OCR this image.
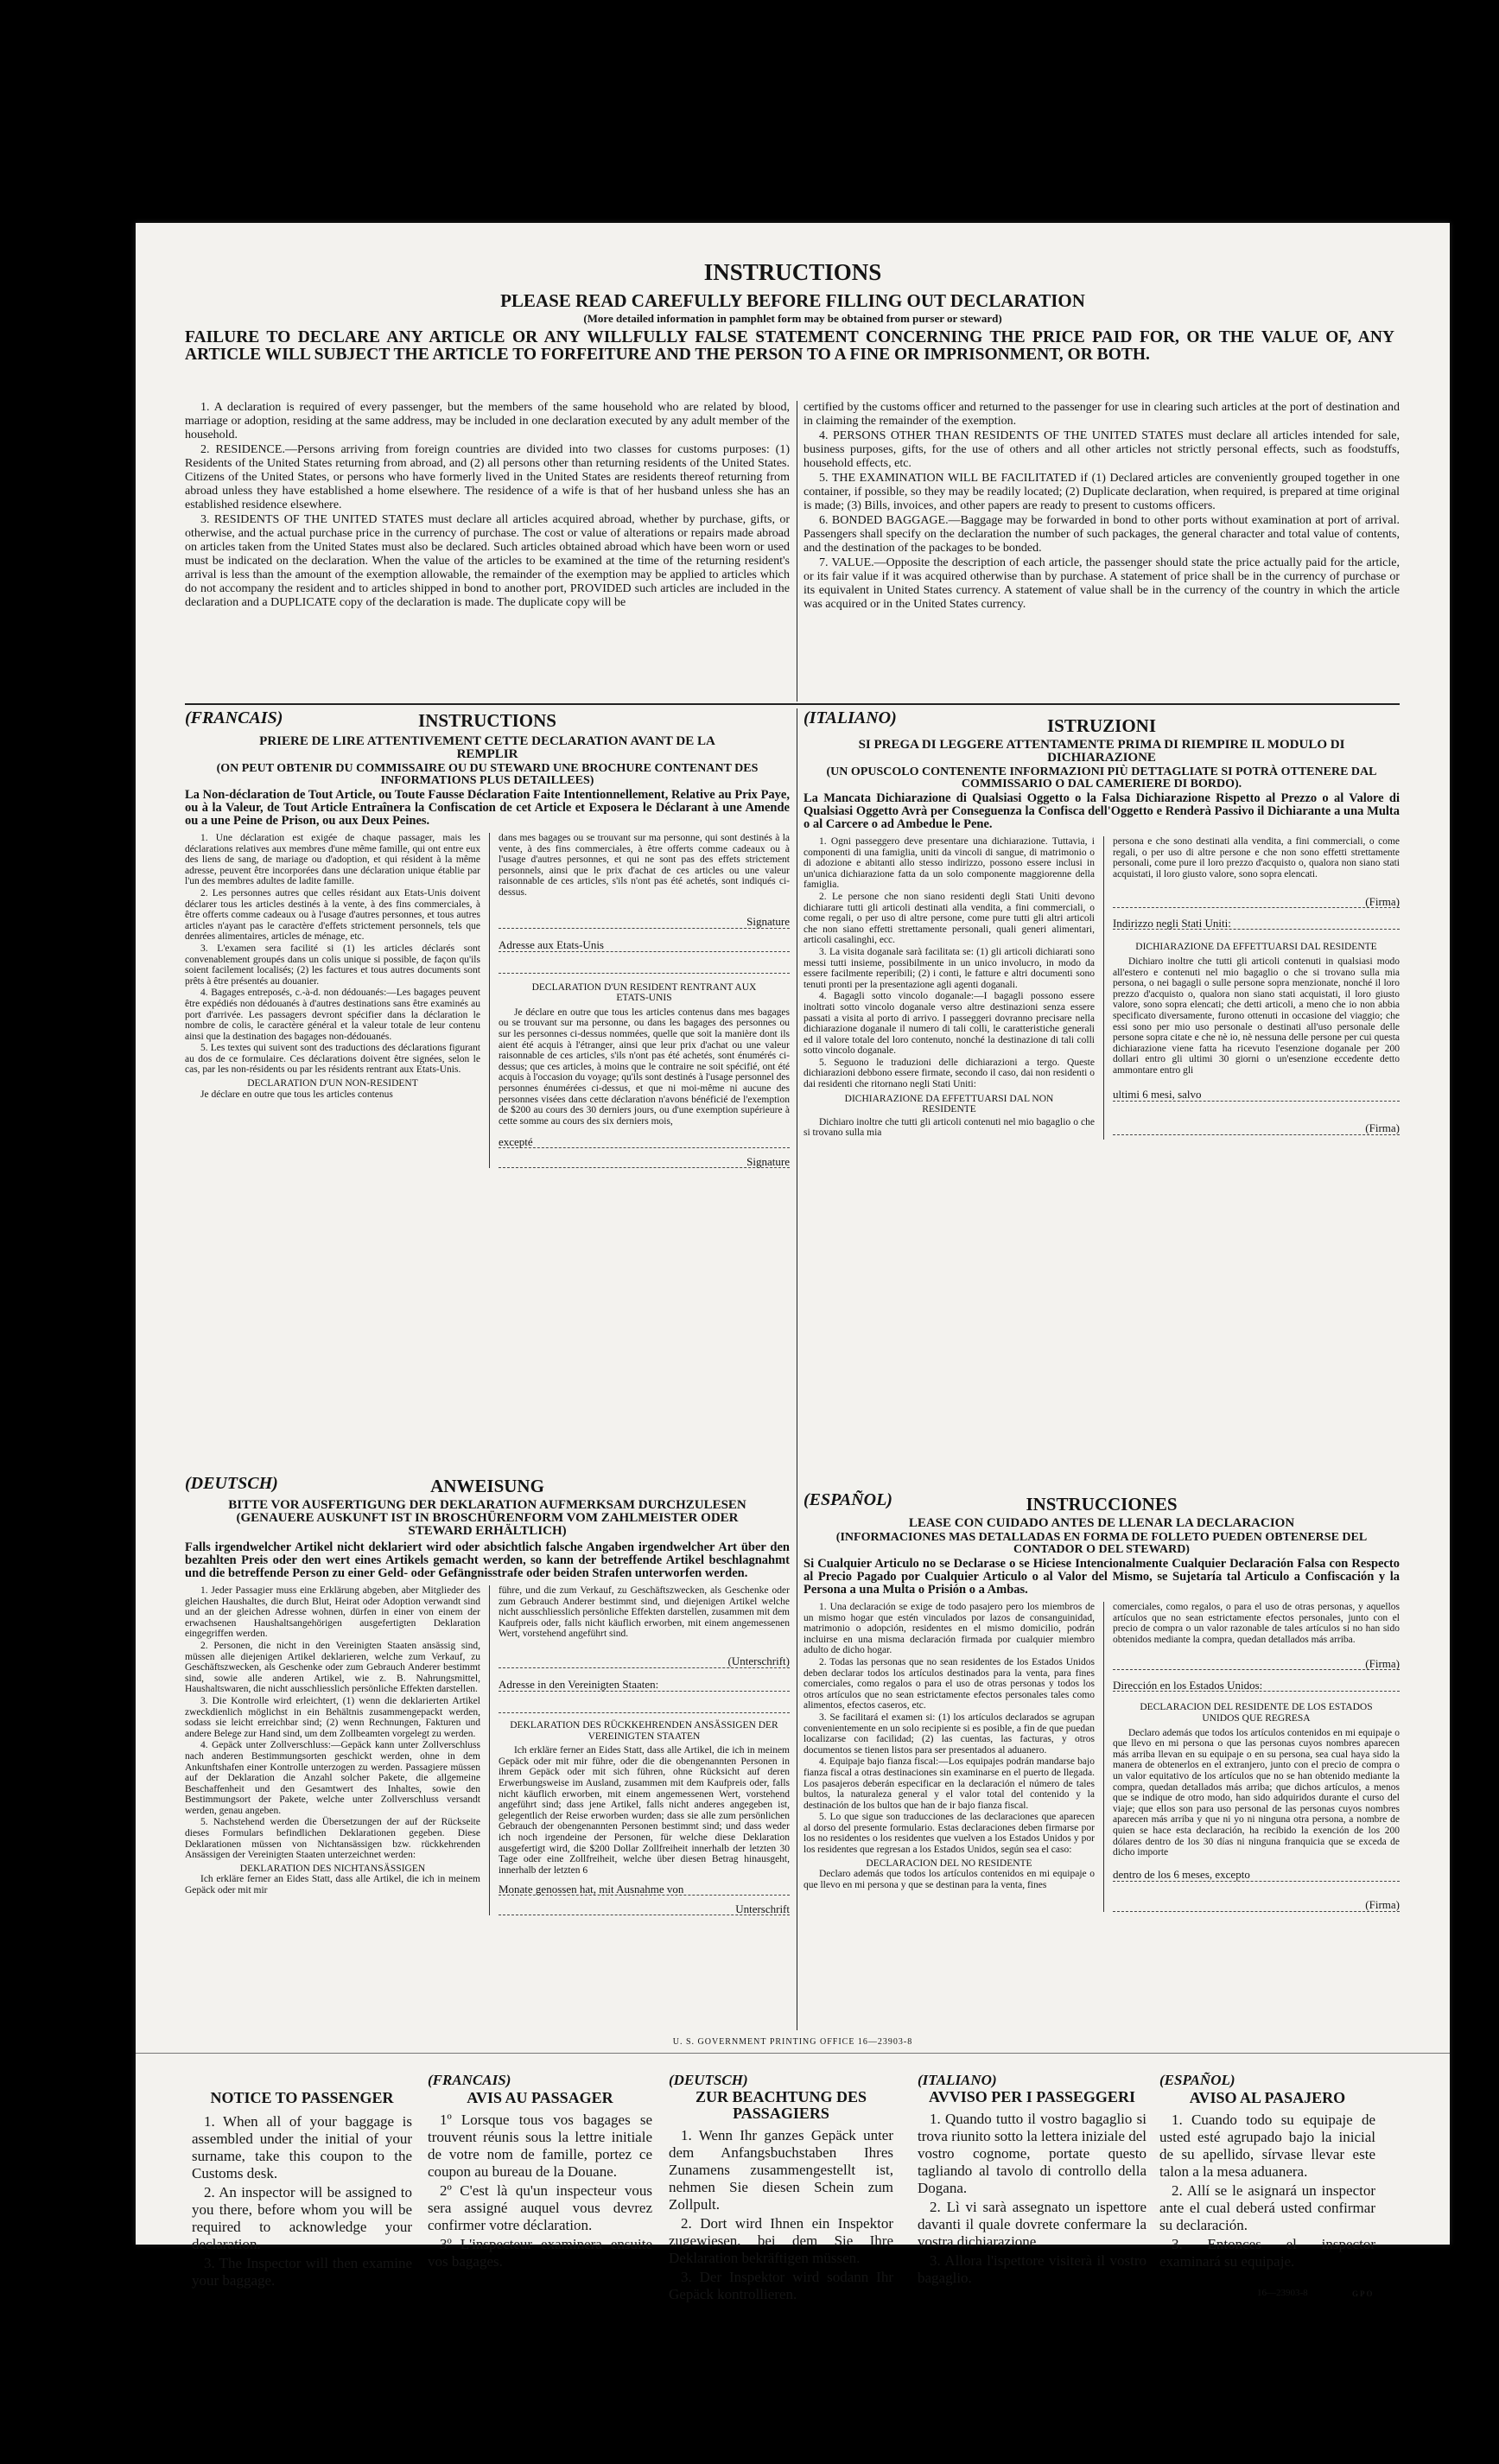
INSTRUCTIONS
PLEASE READ CAREFULLY BEFORE FILLING OUT DECLARATION
(More detailed information in pamphlet form may be obtained from purser or steward)
FAILURE TO DECLARE ANY ARTICLE OR ANY WILLFULLY FALSE STATEMENT CONCERNING THE PRICE PAID FOR, OR THE VALUE OF, ANY ARTICLE WILL SUBJECT THE ARTICLE TO FORFEITURE AND THE PERSON TO A FINE OR IMPRISONMENT, OR BOTH.

1. A declaration is required of every passenger, but the members of the same household who are related by blood, marriage or adoption, residing at the same address, may be included in one declaration executed by any adult member of the household.

2. RESIDENCE.—Persons arriving from foreign countries are divided into two classes for customs purposes: (1) Residents of the United States returning from abroad, and (2) all persons other than returning residents of the United States. Citizens of the United States, or persons who have formerly lived in the United States are residents thereof returning from abroad unless they have established a home elsewhere. The residence of a wife is that of her husband unless she has an established residence elsewhere.

3. RESIDENTS OF THE UNITED STATES must declare all articles acquired abroad, whether by purchase, gifts, or otherwise, and the actual purchase price in the currency of purchase. The cost or value of alterations or repairs made abroad on articles taken from the United States must also be declared. Such articles obtained abroad which have been worn or used must be indicated on the declaration. When the value of the articles to be examined at the time of the returning resident's arrival is less than the amount of the exemption allowable, the remainder of the exemption may be applied to articles which do not accompany the resident and to articles shipped in bond to another port, PROVIDED such articles are included in the declaration and a DUPLICATE copy of the declaration is made. The duplicate copy will be

certified by the customs officer and returned to the passenger for use in clearing such articles at the port of destination and in claiming the remainder of the exemption.

4. PERSONS OTHER THAN RESIDENTS OF THE UNITED STATES must declare all articles intended for sale, business purposes, gifts, for the use of others and all other articles not strictly personal effects, such as foodstuffs, household effects, etc.

5. THE EXAMINATION WILL BE FACILITATED if (1) Declared articles are conveniently grouped together in one container, if possible, so they may be readily located; (2) Duplicate declaration, when required, is prepared at time original is made; (3) Bills, invoices, and other papers are ready to present to customs officers.

6. BONDED BAGGAGE.—Baggage may be forwarded in bond to other ports without examination at port of arrival. Passengers shall specify on the declaration the number of such packages, the general character and total value of contents, and the destination of the packages to be bonded.

7. VALUE.—Opposite the description of each article, the passenger should state the price actually paid for the article, or its fair value if it was acquired otherwise than by purchase. A statement of price shall be in the currency of purchase or its equivalent in United States currency. A statement of value shall be in the currency of the country in which the article was acquired or in the United States currency.

(FRANCAIS)	INSTRUCTIONS
PRIERE DE LIRE ATTENTIVEMENT CETTE DECLARATION AVANT DE LA REMPLIR
(ON PEUT OBTENIR DU COMMISSAIRE OU DU STEWARD UNE BROCHURE CONTENANT DES INFORMATIONS PLUS DETAILLEES)
La Non-déclaration de Tout Article, ou Toute Fausse Déclaration Faite Intentionnellement, Relative au Prix Paye, ou à la Valeur, de Tout Article Entraînera la Confiscation de cet Article et Exposera le Déclarant à une Amende ou a une Peine de Prison, ou aux Deux Peines.

1. Une déclaration est exigée de chaque passager, mais les déclarations relatives aux membres d'une même famille, qui ont entre eux des liens de sang, de mariage ou d'adoption, et qui résident à la même adresse, peuvent être incorporées dans une déclaration unique établie par l'un des membres adultes de ladite famille.

2. Les personnes autres que celles résidant aux Etats-Unis doivent déclarer tous les articles destinés à la vente, à des fins commerciales, à être offerts comme cadeaux ou à l'usage d'autres personnes, et tous autres articles n'ayant pas le caractère d'effets strictement personnels, tels que denrées alimentaires, articles de ménage, etc.

3. L'examen sera facilité si (1) les articles déclarés sont convenablement groupés dans un colis unique si possible, de façon qu'ils soient facilement localisés; (2) les factures et tous autres documents sont prêts à être présentés au douanier.

4. Bagages entreposés, c.-à-d. non dédouanés:—Les bagages peuvent être expédiés non dédouanés à d'autres destinations sans être examinés au port d'arrivée. Les passagers devront spécifier dans la déclaration le nombre de colis, le caractère général et la valeur totale de leur contenu ainsi que la destination des bagages non-dédouanés.

5. Les textes qui suivent sont des traductions des déclarations figurant au dos de ce formulaire. Ces déclarations doivent être signées, selon le cas, par les non-résidents ou par les résidents rentrant aux Etats-Unis.

DECLARATION D'UN NON-RESIDENT

Je déclare en outre que tous les articles contenus

dans mes bagages ou se trouvant sur ma personne, qui sont destinés à la vente, à des fins commerciales, à être offerts comme cadeaux ou à l'usage d'autres personnes, et qui ne sont pas des effets strictement personnels, ainsi que le prix d'achat de ces articles ou une valeur raisonnable de ces articles, s'ils n'ont pas été achetés, sont indiqués ci-dessus.

Signature
Adresse aux Etats-Unis
DECLARATION D'UN RESIDENT RENTRANT AUX ETATS-UNIS

Je déclare en outre que tous les articles contenus dans mes bagages ou se trouvant sur ma personne, ou dans les bagages des personnes ou sur les personnes ci-dessus nommées, quelle que soit la manière dont ils aient été acquis à l'étranger, ainsi que leur prix d'achat ou une valeur raisonnable de ces articles, s'ils n'ont pas été achetés, sont énumérés ci-dessus; que ces articles, à moins que le contraire ne soit spécifié, ont été acquis à l'occasion du voyage; qu'ils sont destinés à l'usage personnel des personnes énumérées ci-dessus, et que ni moi-même ni aucune des personnes visées dans cette déclaration n'avons bénéficié de l'exemption de $200 au cours des 30 derniers jours, ou d'une exemption supérieure à cette somme au cours des six derniers mois,

excepté
Signature
(DEUTSCH)	ANWEISUNG
BITTE VOR AUSFERTIGUNG DER DEKLARATION AUFMERKSAM DURCHZULESEN (GENAUERE AUSKUNFT IST IN BROSCHÜRENFORM VOM ZAHLMEISTER ODER STEWARD ERHÄLTLICH)
Falls irgendwelcher Artikel nicht deklariert wird oder absichtlich falsche Angaben irgendwelcher Art über den bezahlten Preis oder den wert eines Artikels gemacht werden, so kann der betreffende Artikel beschlagnahmt und die betreffende Person zu einer Geld- oder Gefängnisstrafe oder beiden Strafen unterworfen werden.

1. Jeder Passagier muss eine Erklärung abgeben, aber Mitglieder des gleichen Haushaltes, die durch Blut, Heirat oder Adoption verwandt sind und an der gleichen Adresse wohnen, dürfen in einer von einem der erwachsenen Haushaltsangehörigen ausgefertigten Deklaration eingegriffen werden.

2. Personen, die nicht in den Vereinigten Staaten ansässig sind, müssen alle diejenigen Artikel deklarieren, welche zum Verkauf, zu Geschäftszwecken, als Geschenke oder zum Gebrauch Anderer bestimmt sind, sowie alle anderen Artikel, wie z. B. Nahrungsmittel, Haushaltswaren, die nicht ausschliesslich persönliche Effekten darstellen.

3. Die Kontrolle wird erleichtert, (1) wenn die deklarierten Artikel zweckdienlich möglichst in ein Behältnis zusammengepackt werden, sodass sie leicht erreichbar sind; (2) wenn Rechnungen, Fakturen und andere Belege zur Hand sind, um dem Zollbeamten vorgelegt zu werden.

4. Gepäck unter Zollverschluss:—Gepäck kann unter Zollverschluss nach anderen Bestimmungsorten geschickt werden, ohne in dem Ankunftshafen einer Kontrolle unterzogen zu werden. Passagiere müssen auf der Deklaration die Anzahl solcher Pakete, die allgemeine Beschaffenheit und den Gesamtwert des Inhaltes, sowie den Bestimmungsort der Pakete, welche unter Zollverschluss versandt werden, genau angeben.

5. Nachstehend werden die Übersetzungen der auf der Rückseite dieses Formulars befindlichen Deklarationen gegeben. Diese Deklarationen müssen von Nichtansässigen bzw. rückkehrenden Ansässigen der Vereinigten Staaten unterzeichnet werden:

DEKLARATION DES NICHTANSÄSSIGEN

Ich erkläre ferner an Eides Statt, dass alle Artikel, die ich in meinem Gepäck oder mit mir

führe, und die zum Verkauf, zu Geschäftszwecken, als Geschenke oder zum Gebrauch Anderer bestimmt sind, und diejenigen Artikel welche nicht ausschliesslich persönliche Effekten darstellen, zusammen mit dem Kaufpreis oder, falls nicht käuflich erworben, mit einem angemessenen Wert, vorstehend angeführt sind.

(Unterschrift)
Adresse in den Vereinigten Staaten:
DEKLARATION DES RÜCKKEHRENDEN ANSÄSSIGEN DER VEREINIGTEN STAATEN

Ich erkläre ferner an Eides Statt, dass alle Artikel, die ich in meinem Gepäck oder mit mir führe, oder die die obengenannten Personen in ihrem Gepäck oder mit sich führen, ohne Rücksicht auf deren Erwerbungsweise im Ausland, zusammen mit dem Kaufpreis oder, falls nicht käuflich erworben, mit einem angemessenen Wert, vorstehend angeführt sind; dass jene Artikel, falls nicht anderes angegeben ist, gelegentlich der Reise erworben wurden; dass sie alle zum persönlichen Gebrauch der obengenannten Personen bestimmt sind; und dass weder ich noch irgendeine der Personen, für welche diese Deklaration ausgefertigt wird, die $200 Dollar Zollfreiheit innerhalb der letzten 30 Tage oder eine Zollfreiheit, welche über diesen Betrag hinausgeht, innerhalb der letzten 6

Monate genossen hat, mit Ausnahme von
Unterschrift
(ITALIANO)	ISTRUZIONI
SI PREGA DI LEGGERE ATTENTAMENTE PRIMA DI RIEMPIRE IL MODULO DI DICHIARAZIONE
(UN OPUSCOLO CONTENENTE INFORMAZIONI PIÙ DETTAGLIATE SI POTRÀ OTTENERE DAL COMMISSARIO O DAL CAMERIERE DI BORDO).
La Mancata Dichiarazione di Qualsiasi Oggetto o la Falsa Dichiarazione Rispetto al Prezzo o al Valore di Qualsiasi Oggetto Avrà per Conseguenza la Confisca dell'Oggetto e Renderà Passivo il Dichiarante a una Multa o al Carcere o ad Ambedue le Pene.

1. Ogni passeggero deve presentare una dichiarazione. Tuttavia, i componenti di una famiglia, uniti da vincoli di sangue, di matrimonio o di adozione e abitanti allo stesso indirizzo, possono essere inclusi in un'unica dichiarazione fatta da un solo componente maggiorenne della famiglia.

2. Le persone che non siano residenti degli Stati Uniti devono dichiarare tutti gli articoli destinati alla vendita, a fini commerciali, o come regali, o per uso di altre persone, come pure tutti gli altri articoli che non siano effetti strettamente personali, quali generi alimentari, articoli casalinghi, ecc.

3. La visita doganale sarà facilitata se: (1) gli articoli dichiarati sono messi tutti insieme, possibilmente in un unico involucro, in modo da essere facilmente reperibili; (2) i conti, le fatture e altri documenti sono tenuti pronti per la presentazione agli agenti doganali.

4. Bagagli sotto vincolo doganale:—I bagagli possono essere inoltrati sotto vincolo doganale verso altre destinazioni senza essere passati a visita al porto di arrivo. I passeggeri dovranno precisare nella dichiarazione doganale il numero di tali colli, le caratteristiche generali ed il valore totale del loro contenuto, nonché la destinazione di tali colli sotto vincolo doganale.

5. Seguono le traduzioni delle dichiarazioni a tergo. Queste dichiarazioni debbono essere firmate, secondo il caso, dai non residenti o dai residenti che ritornano negli Stati Uniti:

DICHIARAZIONE DA EFFETTUARSI DAL NON RESIDENTE

Dichiaro inoltre che tutti gli articoli contenuti nel mio bagaglio o che si trovano sulla mia

persona e che sono destinati alla vendita, a fini commerciali, o come regali, o per uso di altre persone e che non sono effetti strettamente personali, come pure il loro prezzo d'acquisto o, qualora non siano stati acquistati, il loro giusto valore, sono sopra elencati.

(Firma)
Indirizzo negli Stati Uniti:
DICHIARAZIONE DA EFFETTUARSI DAL RESIDENTE

Dichiaro inoltre che tutti gli articoli contenuti in qualsiasi modo all'estero e contenuti nel mio bagaglio o che si trovano sulla mia persona, o nei bagagli o sulle persone sopra menzionate, nonché il loro prezzo d'acquisto o, qualora non siano stati acquistati, il loro giusto valore, sono sopra elencati; che detti articoli, a meno che io non abbia specificato diversamente, furono ottenuti in occasione del viaggio; che essi sono per mio uso personale o destinati all'uso personale delle persone sopra citate e che nè io, nè nessuna delle persone per cui questa dichiarazione viene fatta ha ricevuto l'esenzione doganale per 200 dollari entro gli ultimi 30 giorni o un'esenzione eccedente detto ammontare entro gli

ultimi 6 mesi, salvo
(Firma)
(ESPAÑOL)	INSTRUCCIONES
LEASE CON CUIDADO ANTES DE LLENAR LA DECLARACION
(INFORMACIONES MAS DETALLADAS EN FORMA DE FOLLETO PUEDEN OBTENERSE DEL CONTADOR O DEL STEWARD)
Si Cualquier Articulo no se Declarase o se Hiciese Intencionalmente Cualquier Declaración Falsa con Respecto al Precio Pagado por Cualquier Articulo o al Valor del Mismo, se Sujetaría tal Articulo a Confiscación y la Persona a una Multa o Prisión o a Ambas.

1. Una declaración se exige de todo pasajero pero los miembros de un mismo hogar que estén vinculados por lazos de consanguinidad, matrimonio o adopción, residentes en el mismo domicilio, podrán incluirse en una misma declaración firmada por cualquier miembro adulto de dicho hogar.

2. Todas las personas que no sean residentes de los Estados Unidos deben declarar todos los artículos destinados para la venta, para fines comerciales, como regalos o para el uso de otras personas y todos los otros artículos que no sean estrictamente efectos personales tales como alimentos, efectos caseros, etc.

3. Se facilitará el examen si: (1) los artículos declarados se agrupan convenientemente en un solo recipiente si es posible, a fin de que puedan localizarse con facilidad; (2) las cuentas, las facturas, y otros documentos se tienen listos para ser presentados al aduanero.

4. Equipaje bajo fianza fiscal:—Los equipajes podrán mandarse bajo fianza fiscal a otras destinaciones sin examinarse en el puerto de llegada. Los pasajeros deberán especificar en la declaración el número de tales bultos, la naturaleza general y el valor total del contenido y la destinación de los bultos que han de ir bajo fianza fiscal.

5. Lo que sigue son traducciones de las declaraciones que aparecen al dorso del presente formulario. Estas declaraciones deben firmarse por los no residentes o los residentes que vuelven a los Estados Unidos y por los residentes que regresan a los Estados Unidos, según sea el caso:

DECLARACION DEL NO RESIDENTE

Declaro además que todos los artículos contenidos en mi equipaje o que llevo en mi persona y que se destinan para la venta, fines

comerciales, como regalos, o para el uso de otras personas, y aquellos artículos que no sean estrictamente efectos personales, junto con el precio de compra o un valor razonable de tales artículos si no han sido obtenidos mediante la compra, quedan detallados más arriba.

(Firma)
Dirección en los Estados Unidos:
DECLARACION DEL RESIDENTE DE LOS ESTADOS UNIDOS QUE REGRESA

Declaro además que todos los artículos contenidos en mi equipaje o que llevo en mi persona o que las personas cuyos nombres aparecen más arriba llevan en su equipaje o en su persona, sea cual haya sido la manera de obtenerlos en el extranjero, junto con el precio de compra o un valor equitativo de los artículos que no se han obtenido mediante la compra, quedan detallados más arriba; que dichos artículos, a menos que se indique de otro modo, han sido adquiridos durante el curso del viaje; que ellos son para uso personal de las personas cuyos nombres aparecen más arriba y que ni yo ni ninguna otra persona, a nombre de quien se hace esta declaración, ha recibido la exención de los 200 dólares dentro de los 30 días ni ninguna franquicia que se exceda de dicho importe

dentro de los 6 meses, excepto
(Firma)
U. S. GOVERNMENT PRINTING OFFICE 16—23903-8
NOTICE TO PASSENGER

1. When all of your baggage is assembled under the initial of your surname, take this coupon to the Customs desk.

2. An inspector will be assigned to you there, before whom you will be required to acknowledge your declaration.

3. The Inspector will then examine your baggage.

(FRANCAIS)
AVIS AU PASSAGER

1º Lorsque tous vos bagages se trouvent réunis sous la lettre initiale de votre nom de famille, portez ce coupon au bureau de la Douane.

2º C'est là qu'un inspecteur vous sera assigné auquel vous devrez confirmer votre déclaration.

3º L'inspecteur examinera ensuite vos bagages.

(DEUTSCH)
ZUR BEACHTUNG DES PASSAGIERS

1. Wenn Ihr ganzes Gepäck unter dem Anfangsbuchstaben Ihres Zunamens zusammengestellt ist, nehmen Sie diesen Schein zum Zollpult.

2. Dort wird Ihnen ein Inspektor zugewiesen, bei dem Sie Ihre Deklaration bekräftigen müssen.

3. Der Inspektor wird sodann Ihr Gepäck kontrollieren.

(ITALIANO)
AVVISO PER I PASSEGGERI

1. Quando tutto il vostro bagaglio si trova riunito sotto la lettera iniziale del vostro cognome, portate questo tagliando al tavolo di controllo della Dogana.

2. Lì vi sarà assegnato un ispettore davanti il quale dovrete confermare la vostra dichiarazione.

3. Allora l'ispettore visiterà il vostro bagaglio.

(ESPAÑOL)
AVISO AL PASAJERO

1. Cuando todo su equipaje de usted esté agrupado bajo la inicial de su apellido, sírvase llevar este talon a la mesa aduanera.

2. Allí se le asignará un inspector ante el cual deberá usted confirmar su declaración.

3. Entonces el inspector examinará su equipaje.

16—23903-8	GPO
